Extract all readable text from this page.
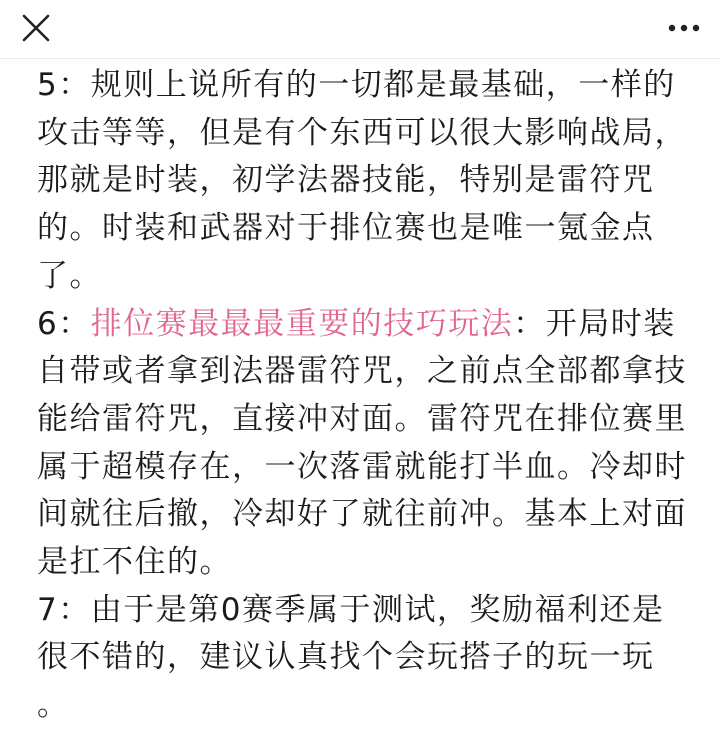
5：规则上说所有的一切都是最基础，一样的攻击等等，但是有个东西可以很大影响战局，那就是时装，初学法器技能，特别是雷符咒的。时装和武器对于排位赛也是唯一氪金点了。

6：排位赛最最最重要的技巧玩法：开局时装自带或者拿到法器雷符咒，之前点全部都拿技能给雷符咒，直接冲对面。雷符咒在排位赛里属于超模存在，一次落雷就能打半血。冷却时间就往后撤，冷却好了就往前冲。基本上对面是扛不住的。

7：由于是第0赛季属于测试，奖励福利还是很不错的，建议认真找个会玩搭子的玩一玩 。
